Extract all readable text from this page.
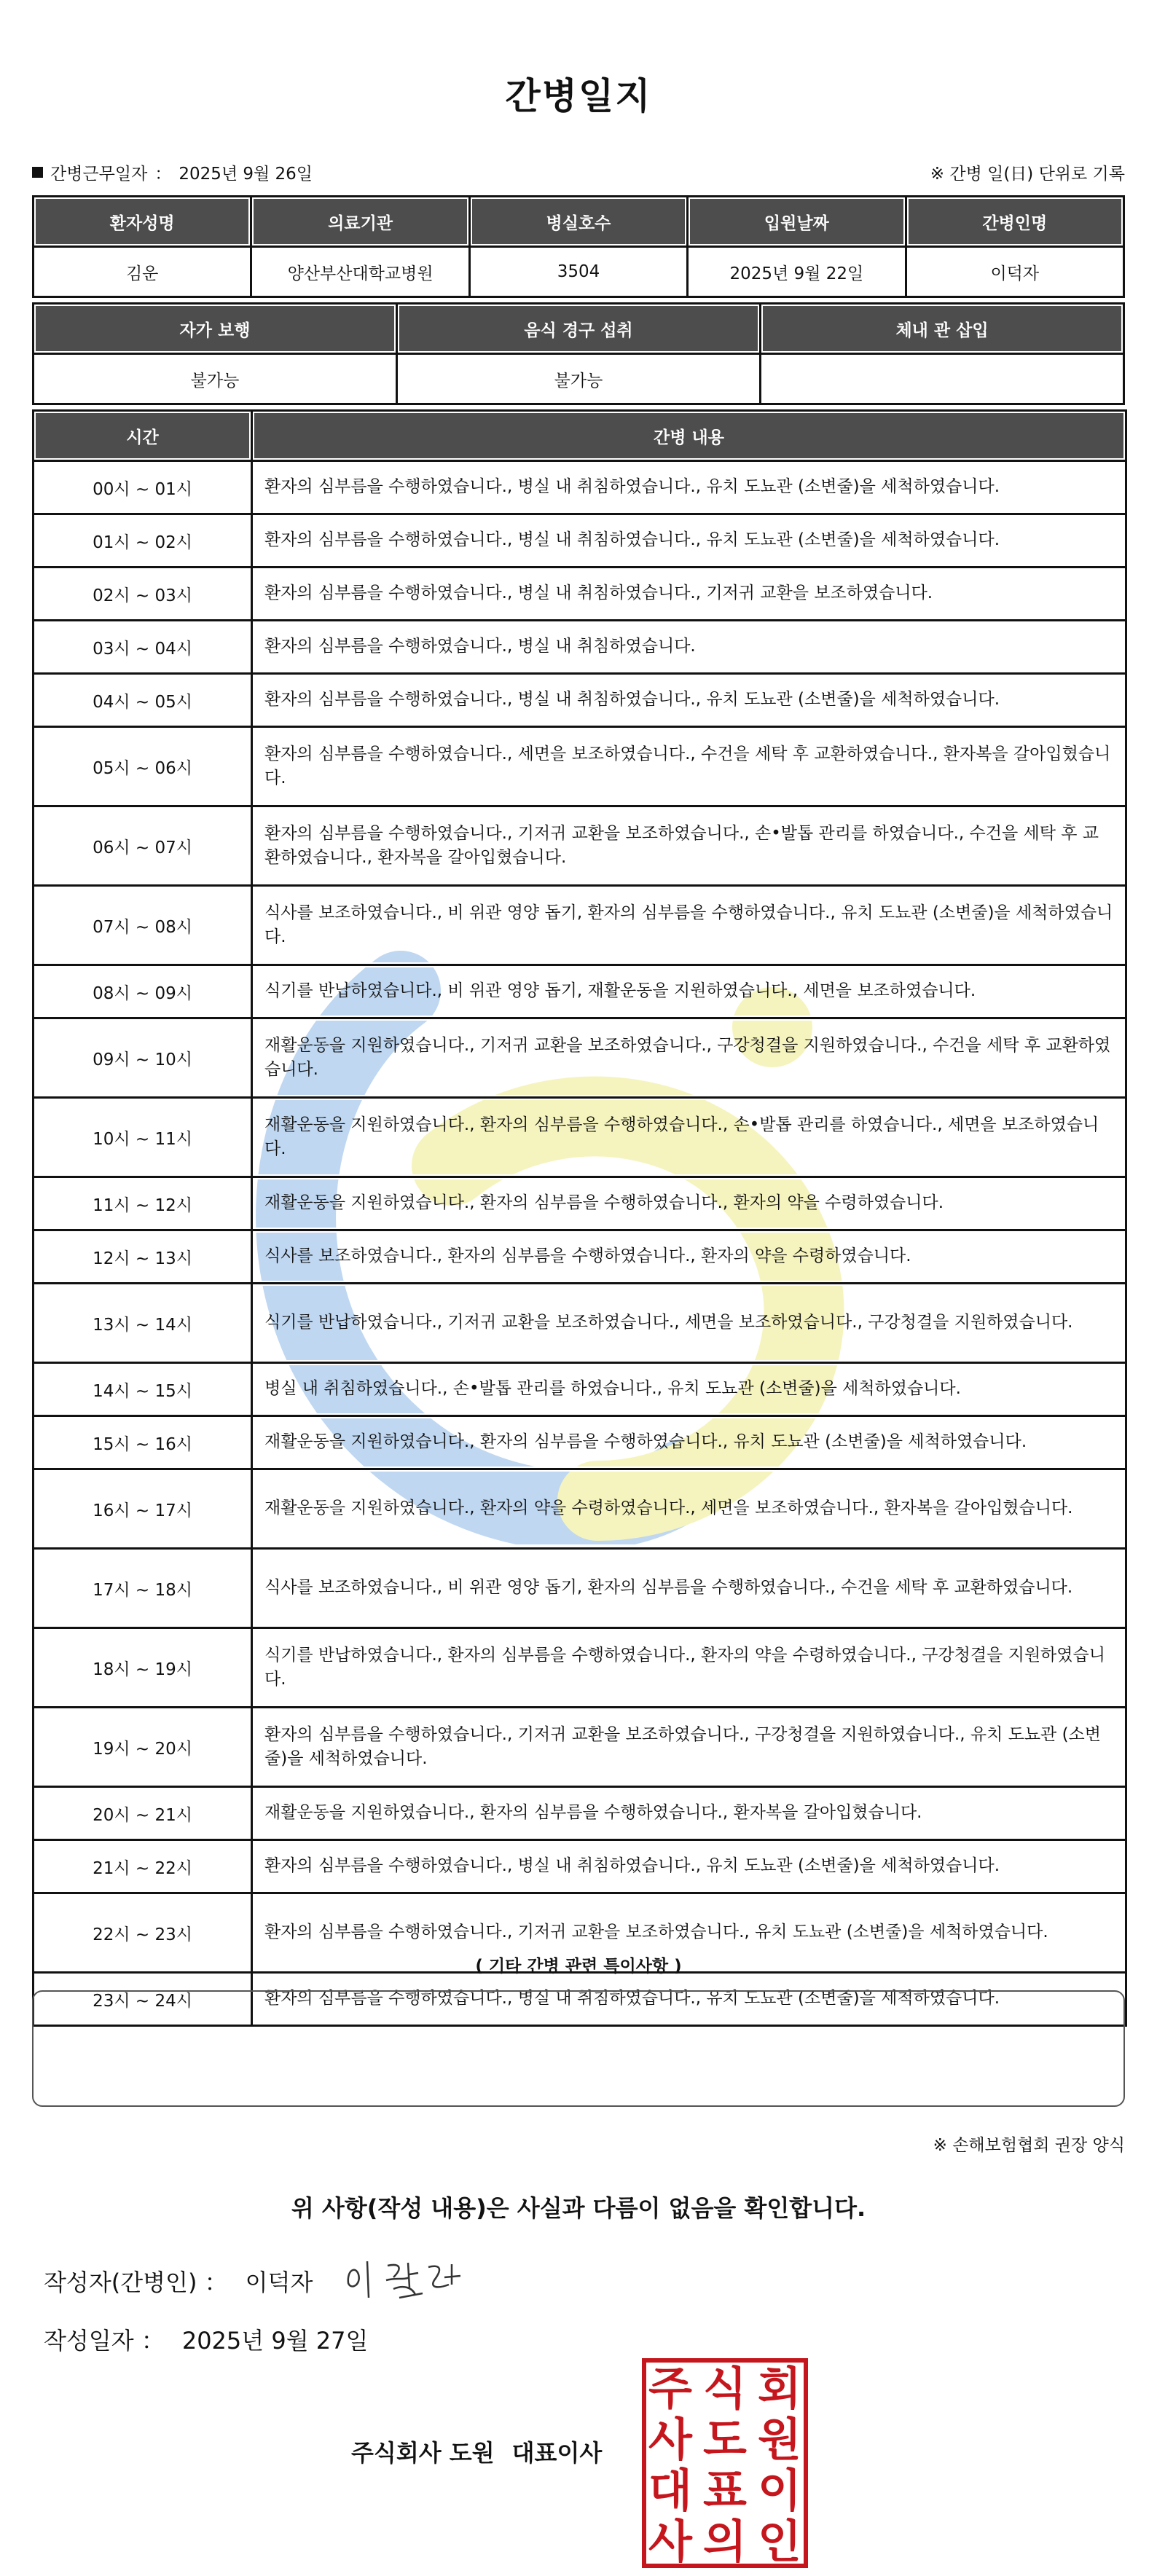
간병일지
간병근무일자 ： 2025년 9월 26일	※ 간병 일(日) 단위로 기록
환자성명	의료기관	병실호수	입원날짜	간병인명
김운	양산부산대학교병원	3504	2025년 9월 22일	이덕자
자가 보행	음식 경구 섭취	체내 관 삽입
불가능	불가능	
시간	간병 내용
00시 ~ 01시	환자의 심부름을 수행하였습니다., 병실 내 취침하였습니다., 유치 도뇨관 (소변줄)을 세척하였습니다.
01시 ~ 02시	환자의 심부름을 수행하였습니다., 병실 내 취침하였습니다., 유치 도뇨관 (소변줄)을 세척하였습니다.
02시 ~ 03시	환자의 심부름을 수행하였습니다., 병실 내 취침하였습니다., 기저귀 교환을 보조하였습니다.
03시 ~ 04시	환자의 심부름을 수행하였습니다., 병실 내 취침하였습니다.
04시 ~ 05시	환자의 심부름을 수행하였습니다., 병실 내 취침하였습니다., 유치 도뇨관 (소변줄)을 세척하였습니다.
05시 ~ 06시	환자의 심부름을 수행하였습니다., 세면을 보조하였습니다., 수건을 세탁 후 교환하였습니다., 환자복을 갈아입혔습니다.
06시 ~ 07시	환자의 심부름을 수행하였습니다., 기저귀 교환을 보조하였습니다., 손•발톱 관리를 하였습니다., 수건을 세탁 후 교환하였습니다., 환자복을 갈아입혔습니다.
07시 ~ 08시	식사를 보조하였습니다., 비 위관 영양 돕기, 환자의 심부름을 수행하였습니다., 유치 도뇨관 (소변줄)을 세척하였습니다.
08시 ~ 09시	식기를 반납하였습니다., 비 위관 영양 돕기, 재활운동을 지원하였습니다., 세면을 보조하였습니다.
09시 ~ 10시	재활운동을 지원하였습니다., 기저귀 교환을 보조하였습니다., 구강청결을 지원하였습니다., 수건을 세탁 후 교환하였습니다.
10시 ~ 11시	재활운동을 지원하였습니다., 환자의 심부름을 수행하였습니다., 손•발톱 관리를 하였습니다., 세면을 보조하였습니다.
11시 ~ 12시	재활운동을 지원하였습니다., 환자의 심부름을 수행하였습니다., 환자의 약을 수령하였습니다.
12시 ~ 13시	식사를 보조하였습니다., 환자의 심부름을 수행하였습니다., 환자의 약을 수령하였습니다.
13시 ~ 14시	식기를 반납하였습니다., 기저귀 교환을 보조하였습니다., 세면을 보조하였습니다., 구강청결을 지원하였습니다.
14시 ~ 15시	병실 내 취침하였습니다., 손•발톱 관리를 하였습니다., 유치 도뇨관 (소변줄)을 세척하였습니다.
15시 ~ 16시	재활운동을 지원하였습니다., 환자의 심부름을 수행하였습니다., 유치 도뇨관 (소변줄)을 세척하였습니다.
16시 ~ 17시	재활운동을 지원하였습니다., 환자의 약을 수령하였습니다., 세면을 보조하였습니다., 환자복을 갈아입혔습니다.
17시 ~ 18시	식사를 보조하였습니다., 비 위관 영양 돕기, 환자의 심부름을 수행하였습니다., 수건을 세탁 후 교환하였습니다.
18시 ~ 19시	식기를 반납하였습니다., 환자의 심부름을 수행하였습니다., 환자의 약을 수령하였습니다., 구강청결을 지원하였습니다.
19시 ~ 20시	환자의 심부름을 수행하였습니다., 기저귀 교환을 보조하였습니다., 구강청결을 지원하였습니다., 유치 도뇨관 (소변줄)을 세척하였습니다.
20시 ~ 21시	재활운동을 지원하였습니다., 환자의 심부름을 수행하였습니다., 환자복을 갈아입혔습니다.
21시 ~ 22시	환자의 심부름을 수행하였습니다., 병실 내 취침하였습니다., 유치 도뇨관 (소변줄)을 세척하였습니다.
22시 ~ 23시	환자의 심부름을 수행하였습니다., 기저귀 교환을 보조하였습니다., 유치 도뇨관 (소변줄)을 세척하였습니다.
23시 ~ 24시	환자의 심부름을 수행하였습니다., 병실 내 취침하였습니다., 유치 도뇨관 (소변줄)을 세척하였습니다.
( 기타 간병 관련 특이사항 )
※ 손해보험협회 권장 양식
위 사항(작성 내용)은 사실과 다름이 없음을 확인합니다.
작성자(간병인) ： 이덕자
작성일자 ： 2025년 9월 27일
주식회사 도원 대표이사
주 식 회
사 도 원
대 표 이
사 의 인
